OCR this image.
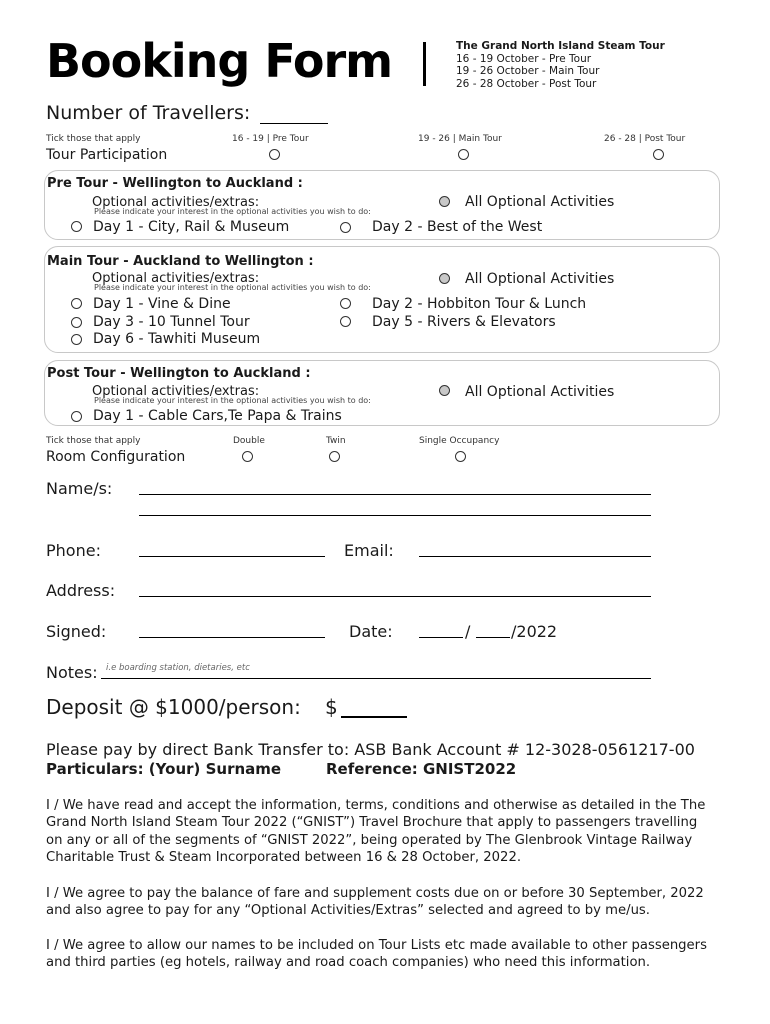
Booking Form	The Grand North Island Steam Tour
16 - 19 October - Pre Tour
19 - 26 October - Main Tour
26 - 28 October - Post Tour
Number of Travellers:
Tick those that apply
Tour Participation
16 - 19 | Pre Tour	19 - 26 | Main Tour	26 - 28 | Post Tour
Pre Tour - Wellington to Auckland :
Optional activities/extras:
Please indicate your interest in the optional activities you wish to do:
All Optional Activities
Day 1 - City, Rail & Museum	Day 2 - Best of the West
Main Tour - Auckland to Wellington :
Optional activities/extras:
Please indicate your interest in the optional activities you wish to do:
All Optional Activities
Day 1 - Vine & Dine	Day 2 - Hobbiton Tour & Lunch
Day 3 - 10 Tunnel Tour	Day 5 - Rivers & Elevators
Day 6 - Tawhiti Museum
Post Tour - Wellington to Auckland :
Optional activities/extras:
Please indicate your interest in the optional activities you wish to do:
All Optional Activities
Day 1 - Cable Cars,Te Papa & Trains
Tick those that apply
Room Configuration
Double	Twin	Single Occupancy
Name/s:
Phone:	Email:
Address:
Signed:	Date:	/	/2022
Notes: i.e boarding station, dietaries, etc
Deposit @ $1000/person: $
Please pay by direct Bank Transfer to: ASB Bank Account # 12-3028-0561217-00
Particulars: (Your) Surname	Reference: GNIST2022
I / We have read and accept the information, terms, conditions and otherwise as detailed in the The Grand North Island Steam Tour 2022 (“GNIST”) Travel Brochure that apply to passengers travelling on any or all of the segments of “GNIST 2022”, being operated by The Glenbrook Vintage Railway Charitable Trust & Steam Incorporated between 16 & 28 October, 2022.
I / We agree to pay the balance of fare and supplement costs due on or before 30 September, 2022 and also agree to pay for any “Optional Activities/Extras” selected and agreed to by me/us.
I / We agree to allow our names to be included on Tour Lists etc made available to other passengers and third parties (eg hotels, railway and road coach companies) who need this information.
